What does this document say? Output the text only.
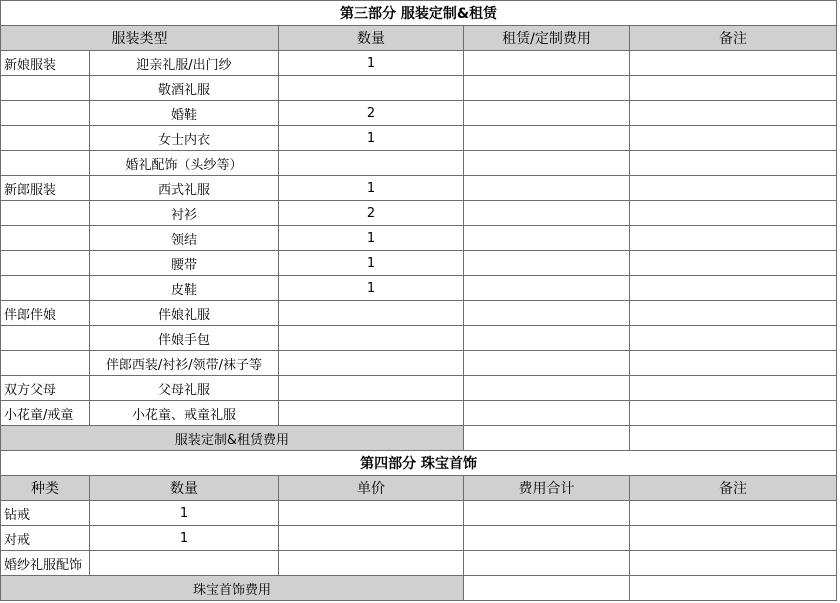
第三部分 服装定制&租赁				
服装类型		数量	租赁/定制费用	备注
新娘服装	迎亲礼服/出门纱	1		
	敬酒礼服			
	婚鞋	2		
	女士内衣	1		
	婚礼配饰（头纱等）			
新郎服装	西式礼服	1		
	衬衫	2		
	领结	1		
	腰带	1		
	皮鞋	1		
伴郎伴娘	伴娘礼服			
	伴娘手包			
	伴郎西装/衬衫/领带/袜子等			
双方父母	父母礼服			
小花童/戒童	小花童、戒童礼服			
服装定制&租赁费用				
第四部分 珠宝首饰				
种类	数量	单价	费用合计	备注
钻戒	1			
对戒	1			
婚纱礼服配饰				
珠宝首饰费用				
